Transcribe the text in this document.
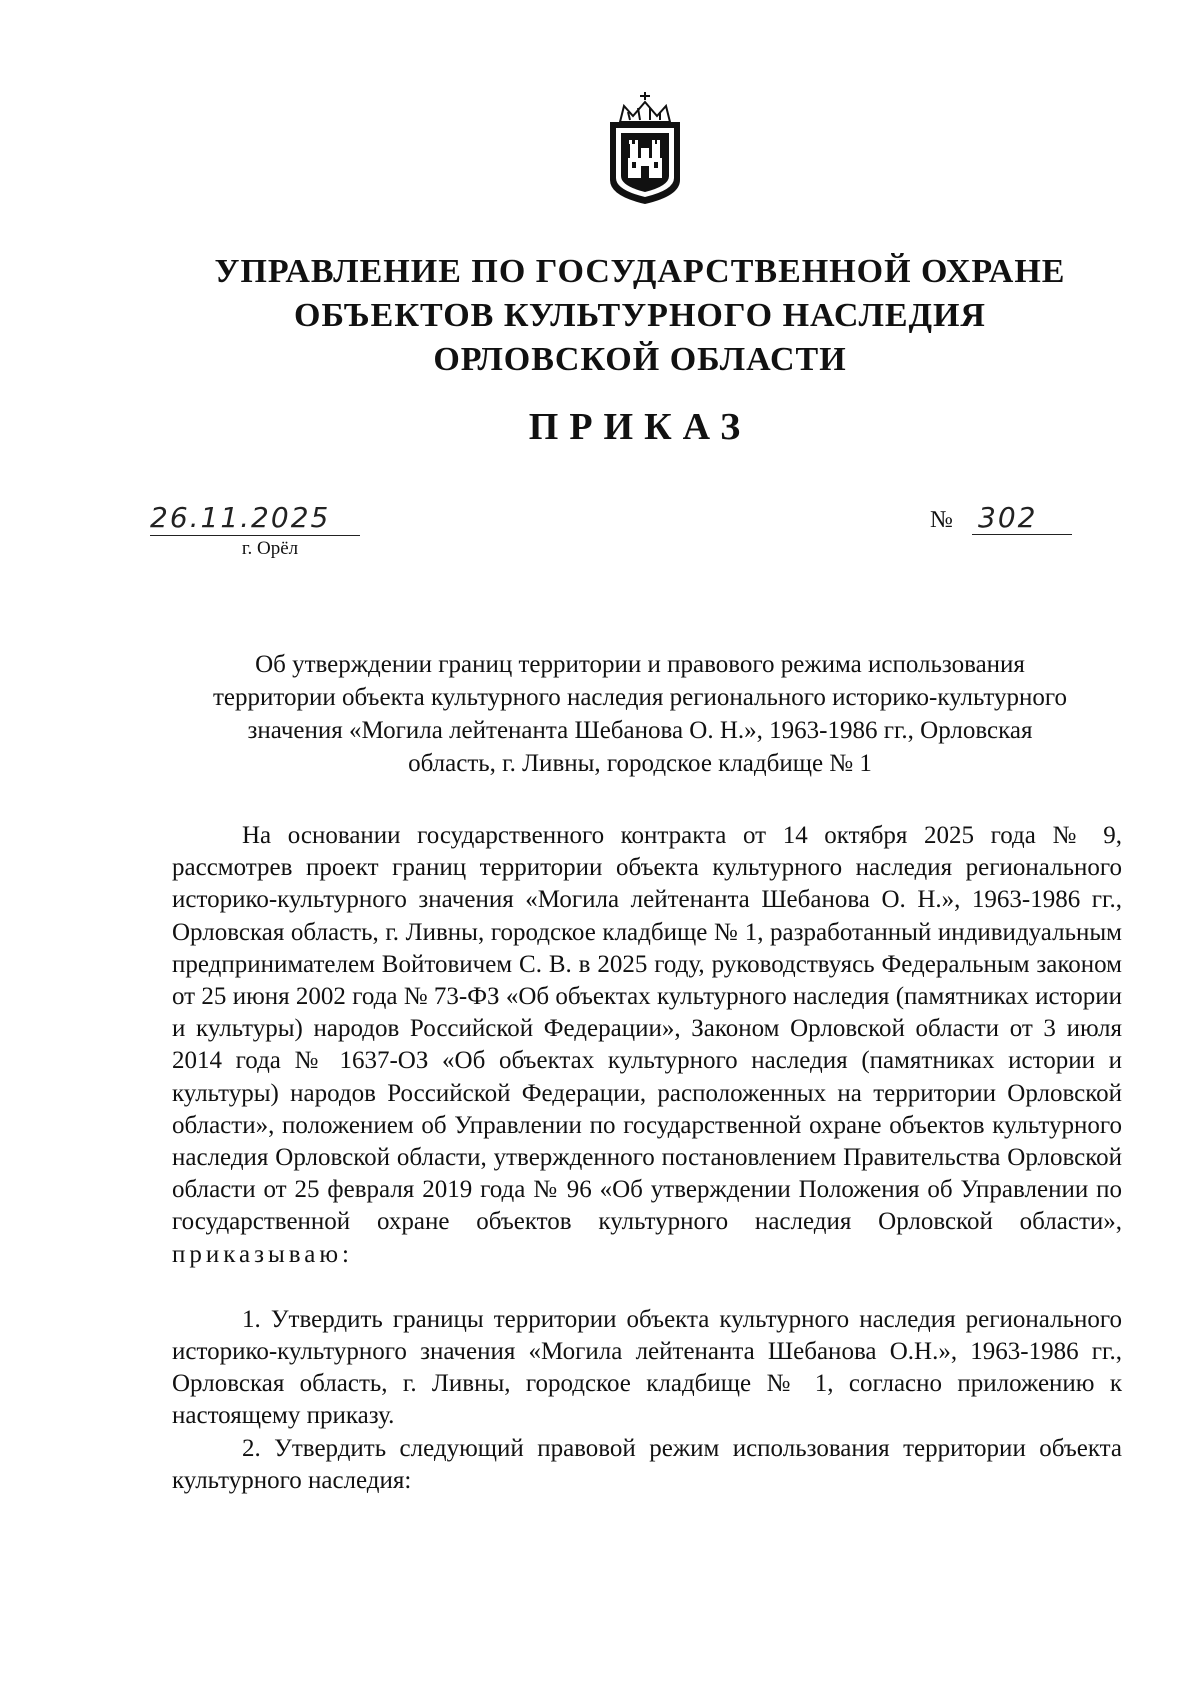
УПРАВЛЕНИЕ ПО ГОСУДАРСТВЕННОЙ ОХРАНЕ
ОБЪЕКТОВ КУЛЬТУРНОГО НАСЛЕДИЯ
ОРЛОВСКОЙ ОБЛАСТИ
ПРИКАЗ
26.11.2025
г. Орёл
№ 302
Об утверждении границ территории и правового режима использования
территории объекта культурного наследия регионального историко-культурного
значения «Могила лейтенанта Шебанова О. Н.», 1963-1986 гг., Орловская
область, г. Ливны, городское кладбище № 1

На основании государственного контракта от 14 октября 2025 года № 9, рассмотрев проект границ территории объекта культурного наследия регионального историко-культурного значения «Могила лейтенанта Шебанова О. Н.», 1963-1986 гг., Орловская область, г. Ливны, городское кладбище № 1, разработанный индивидуальным предпринимателем Войтовичем С. В. в 2025 году, руководствуясь Федеральным законом от 25 июня 2002 года № 73-ФЗ «Об объектах культурного наследия (памятниках истории и культуры) народов Российской Федерации», Законом Орловской области от 3 июля 2014 года № 1637-ОЗ «Об объектах культурного наследия (памятниках истории и культуры) народов Российской Федерации, расположенных на территории Орловской области», положением об Управлении по государственной охране объектов культурного наследия Орловской области, утвержденного постановлением Правительства Орловской области от 25 февраля 2019 года № 96 «Об утверждении Положения об Управлении по государственной охране объектов культурного наследия Орловской области», приказываю:

1. Утвердить границы территории объекта культурного наследия регионального историко-культурного значения «Могила лейтенанта Шебанова О.Н.», 1963-1986 гг., Орловская область, г. Ливны, городское кладбище № 1, согласно приложению к настоящему приказу.

2. Утвердить следующий правовой режим использования территории объекта культурного наследия:
